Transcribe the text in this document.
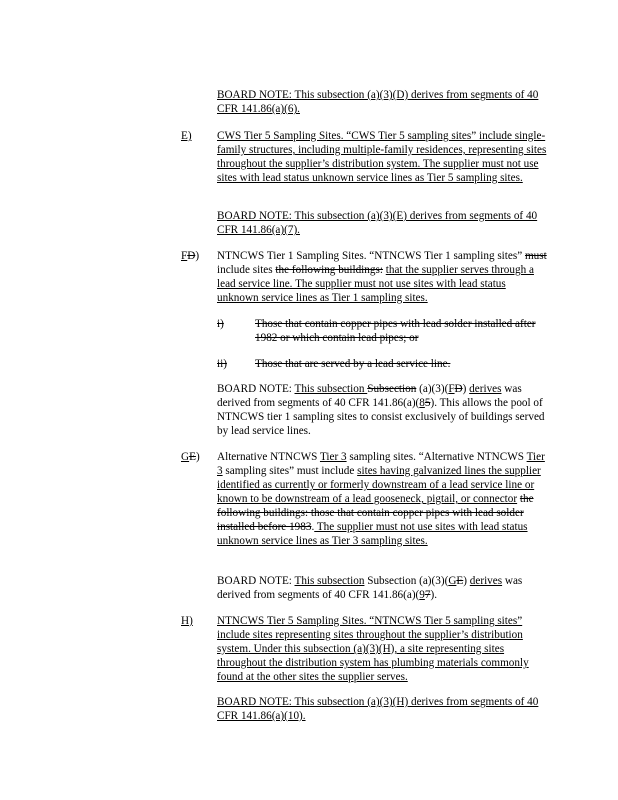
BOARD NOTE: This subsection (a)(3)(D) derives from segments of 40 CFR 141.86(a)(6).

E) CWS Tier 5 Sampling Sites. “CWS Tier 5 sampling sites” include single-family structures, including multiple-family residences, representing sites throughout the supplier’s distribution system. The supplier must not use sites with lead status unknown service lines as Tier 5 sampling sites.

BOARD NOTE: This subsection (a)(3)(E) derives from segments of 40 CFR 141.86(a)(7).

FD) NTNCWS Tier 1 Sampling Sites. “NTNCWS Tier 1 sampling sites” must include sites the following buildings: that the supplier serves through a lead service line. The supplier must not use sites with lead status unknown service lines as Tier 1 sampling sites.

i)	Those that contain copper pipes with lead solder installed after 1982 or which contain lead pipes; or

ii)	Those that are served by a lead service line.

BOARD NOTE: This subsection Subsection (a)(3)(FD) derives was derived from segments of 40 CFR 141.86(a)(85). This allows the pool of NTNCWS tier 1 sampling sites to consist exclusively of buildings served by lead service lines.

GE) Alternative NTNCWS Tier 3 sampling sites. “Alternative NTNCWS Tier 3 sampling sites” must include sites having galvanized lines the supplier identified as currently or formerly downstream of a lead service line or known to be downstream of a lead gooseneck, pigtail, or connector the following buildings: those that contain copper pipes with lead solder installed before 1983. The supplier must not use sites with lead status unknown service lines as Tier 3 sampling sites.

BOARD NOTE: This subsection Subsection (a)(3)(GE) derives was derived from segments of 40 CFR 141.86(a)(97).

H) NTNCWS Tier 5 Sampling Sites. “NTNCWS Tier 5 sampling sites” include sites representing sites throughout the supplier’s distribution system. Under this subsection (a)(3)(H), a site representing sites throughout the distribution system has plumbing materials commonly found at the other sites the supplier serves.

BOARD NOTE: This subsection (a)(3)(H) derives from segments of 40 CFR 141.86(a)(10).
